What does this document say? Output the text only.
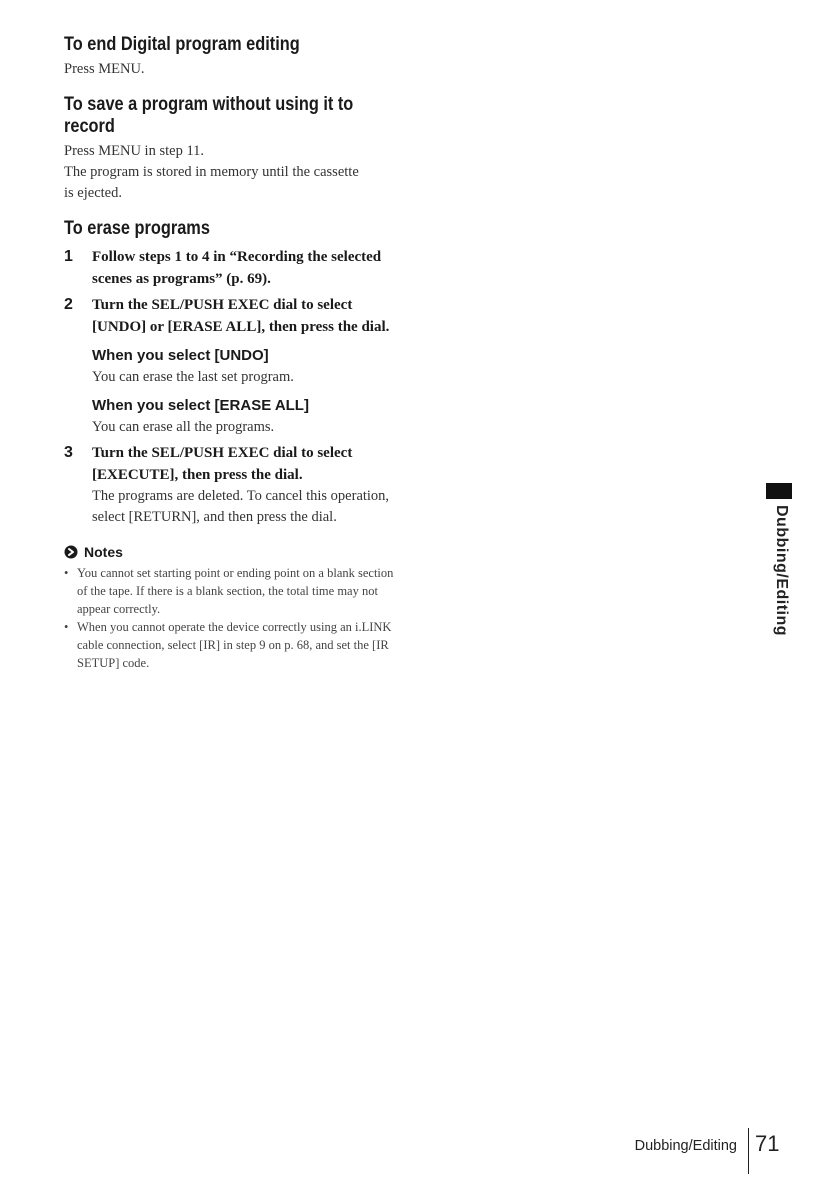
To end Digital program editing

Press MENU.

To save a program without using it to record

Press MENU in step 11.

The program is stored in memory until the cassette is ejected.

To erase programs
1 Follow steps 1 to 4 in “Recording the selected scenes as programs” (p. 69).

2 Turn the SEL/PUSH EXEC dial to select [UNDO] or [ERASE ALL], then press the dial.

When you select [UNDO]

You can erase the last set program.

When you select [ERASE ALL]

You can erase all the programs.

3 Turn the SEL/PUSH EXEC dial to select [EXECUTE], then press the dial.

The programs are deleted. To cancel this operation, select [RETURN], and then press the dial.

Notes
• You cannot set starting point or ending point on a blank section of the tape. If there is a blank section, the total time may not appear correctly.
• When you cannot operate the device correctly using an i.LINK cable connection, select [IR] in step 9 on p. 68, and set the [IR SETUP] code.
Dubbing/Editing
Dubbing/Editing 71
